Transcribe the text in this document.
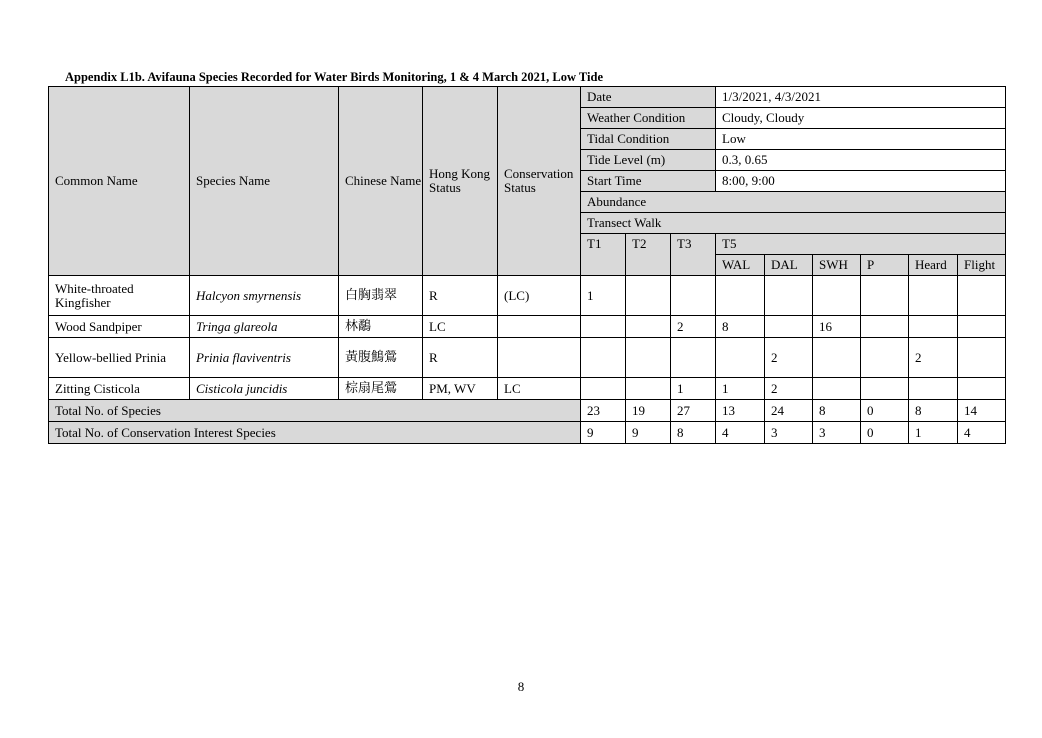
Appendix L1b. Avifauna Species Recorded for Water Birds Monitoring, 1 & 4 March 2021, Low Tide
Common Name	Species Name	Chinese Name	Hong Kong Status	Conservation Status	Date			1/3/2021, 4/3/2021					
					Weather Condition			Cloudy, Cloudy					
					Tidal Condition			Low					
					Tide Level (m)			0.3, 0.65					
					Start Time			8:00, 9:00					
					Abundance								
					Transect Walk								
					T1	T2	T3	T5					
								WAL	DAL	SWH	P	Heard	Flight
White-throated Kingfisher	Halcyon smyrnensis	白胸翡翠	R	(LC)	1								
Wood Sandpiper	Tringa glareola	林鷸	LC				2	8		16			
Yellow-bellied Prinia	Prinia flaviventris	黃腹鷦鶯	R						2			2	
Zitting Cisticola	Cisticola juncidis	棕扇尾鶯	PM, WV	LC			1	1	2				
Total No. of Species					23	19	27	13	24	8	0	8	14
Total No. of Conservation Interest Species					9	9	8	4	3	3	0	1	4
8
